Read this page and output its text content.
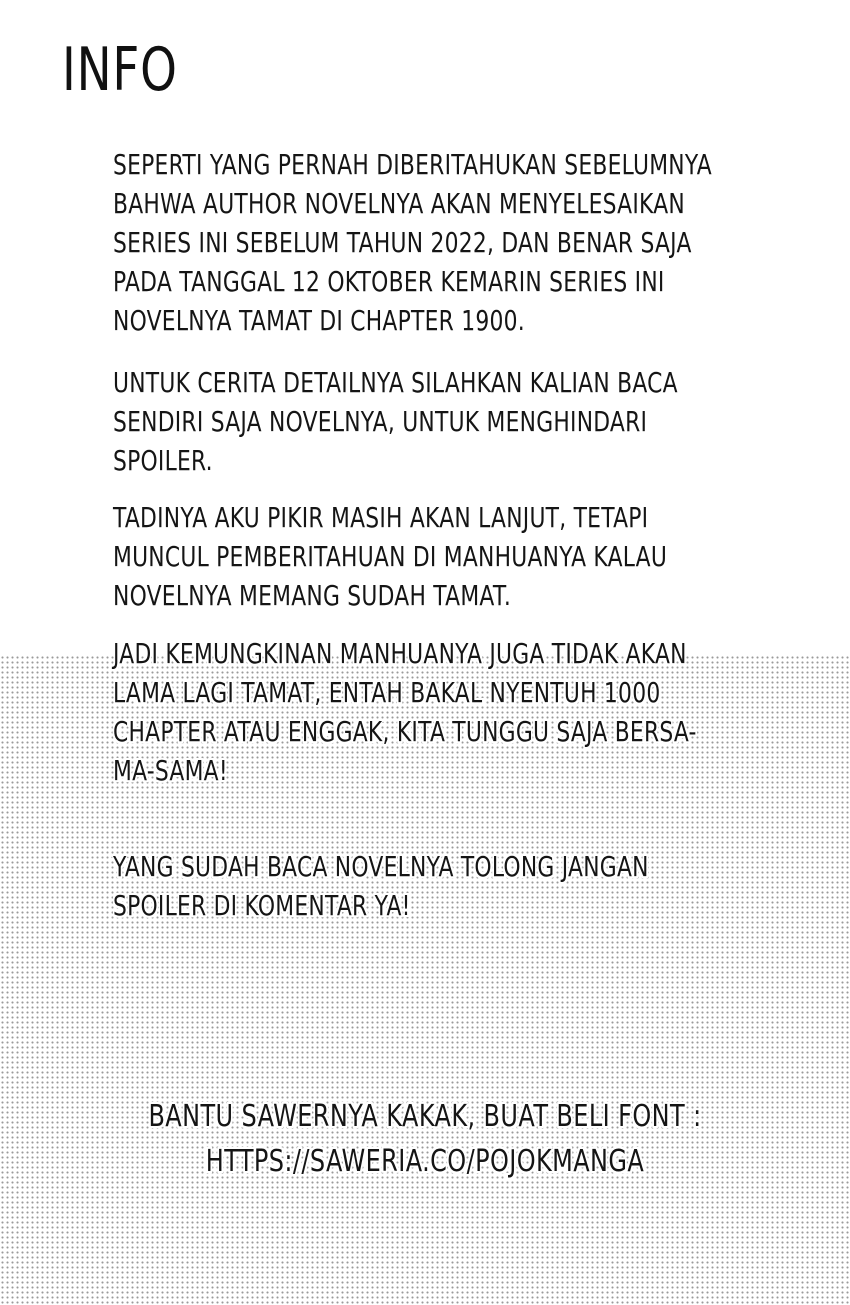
INFO
SEPERTI YANG PERNAH DIBERITAHUKAN SEBELUMNYA
BAHWA AUTHOR NOVELNYA AKAN MENYELESAIKAN
SERIES INI SEBELUM TAHUN 2022, DAN BENAR SAJA
PADA TANGGAL 12 OKTOBER KEMARIN SERIES INI
NOVELNYA TAMAT DI CHAPTER 1900.
UNTUK CERITA DETAILNYA SILAHKAN KALIAN BACA
SENDIRI SAJA NOVELNYA, UNTUK MENGHINDARI
SPOILER.
TADINYA AKU PIKIR MASIH AKAN LANJUT, TETAPI
MUNCUL PEMBERITAHUAN DI MANHUANYA KALAU
NOVELNYA MEMANG SUDAH TAMAT.
JADI KEMUNGKINAN MANHUANYA JUGA TIDAK AKAN
LAMA LAGI TAMAT, ENTAH BAKAL NYENTUH 1000
CHAPTER ATAU ENGGAK, KITA TUNGGU SAJA BERSA-
MA-SAMA!
YANG SUDAH BACA NOVELNYA TOLONG JANGAN
SPOILER DI KOMENTAR YA!
BANTU SAWERNYA KAKAK, BUAT BELI FONT :
HTTPS://SAWERIA.CO/POJOKMANGA
